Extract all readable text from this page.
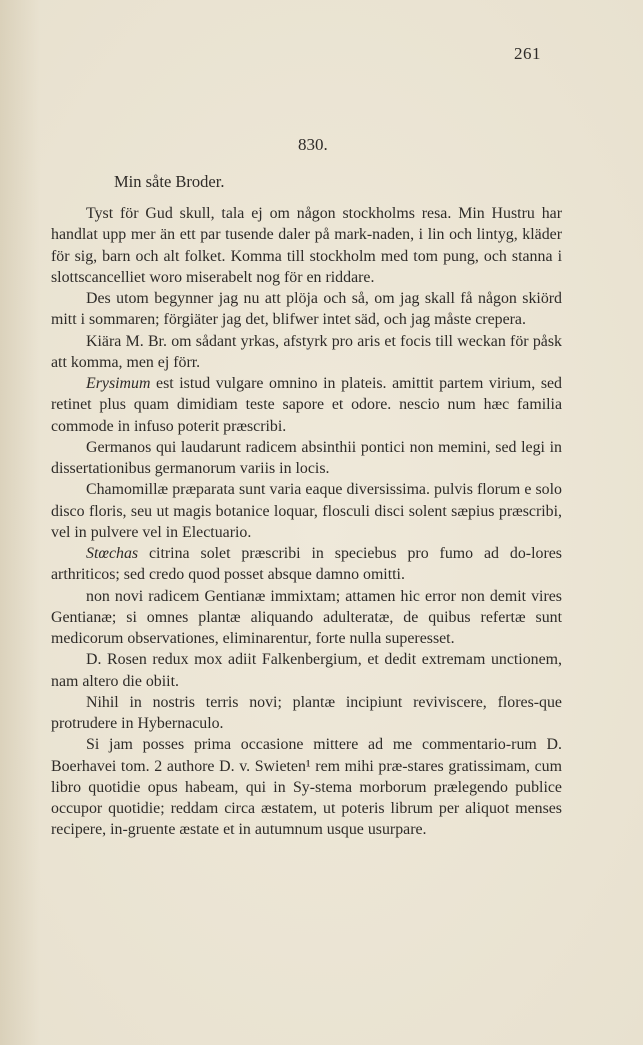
261
830.
Min såte Broder.

Tyst för Gud skull, tala ej om någon stockholms resa. Min Hustru har handlat upp mer än ett par tusende daler på mark-naden, i lin och lintyg, kläder för sig, barn och alt folket. Komma till stockholm med tom pung, och stanna i slottscancelliet woro miserabelt nog för en riddare.

Des utom begynner jag nu att plöja och så, om jag skall få någon skiörd mitt i sommaren; förgiäter jag det, blifwer intet säd, och jag måste crepera.

Kiära M. Br. om sådant yrkas, afstyrk pro aris et focis till weckan för påsk att komma, men ej förr.

Erysimum est istud vulgare omnino in plateis. amittit partem virium, sed retinet plus quam dimidiam teste sapore et odore. nescio num hæc familia commode in infuso poterit præscribi.

Germanos qui laudarunt radicem absinthii pontici non memini, sed legi in dissertationibus germanorum variis in locis.

Chamomillæ præparata sunt varia eaque diversissima. pulvis florum e solo disco floris, seu ut magis botanice loquar, flosculi disci solent sæpius præscribi, vel in pulvere vel in Electuario.

Stœchas citrina solet præscribi in speciebus pro fumo ad do-lores arthriticos; sed credo quod posset absque damno omitti.

non novi radicem Gentianæ immixtam; attamen hic error non demit vires Gentianæ; si omnes plantæ aliquando adulteratæ, de quibus refertæ sunt medicorum observationes, eliminarentur, forte nulla superesset.

D. Rosen redux mox adiit Falkenbergium, et dedit extremam unctionem, nam altero die obiit.

Nihil in nostris terris novi; plantæ incipiunt reviviscere, flores-que protrudere in Hybernaculo.

Si jam posses prima occasione mittere ad me commentario-rum D. Boerhavei tom. 2 authore D. v. Swieten¹ rem mihi præ-stares gratissimam, cum libro quotidie opus habeam, qui in Sy-stema morborum prælegendo publice occupor quotidie; reddam circa æstatem, ut poteris librum per aliquot menses recipere, in-gruente æstate et in autumnum usque usurpare.
